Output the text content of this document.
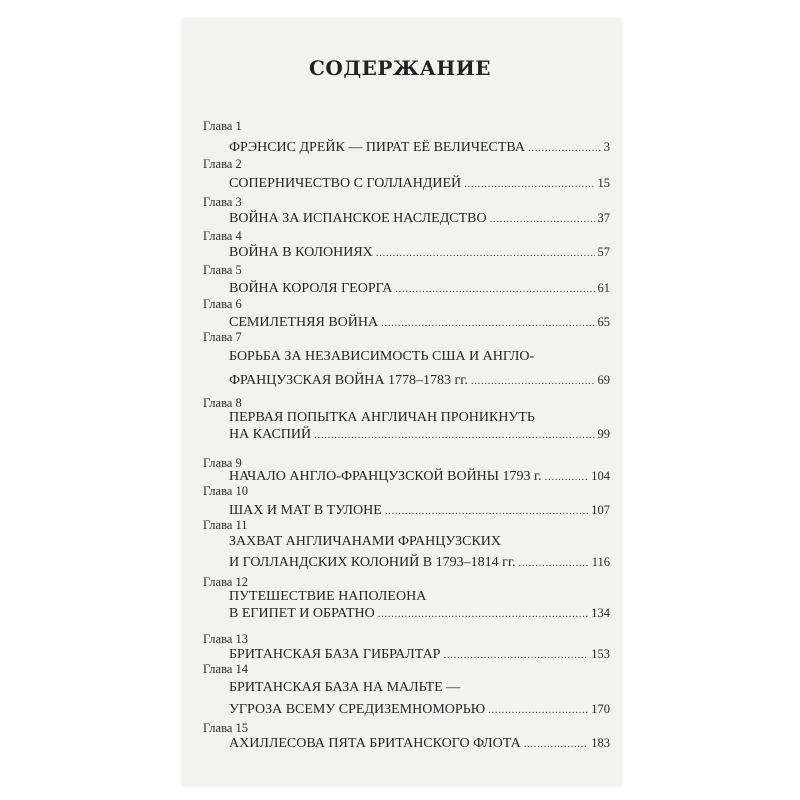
СОДЕРЖАНИЕ
Глава 1
ФРЭНСИС ДРЕЙК — ПИРАТ ЕЁ ВЕЛИЧЕСТВА .....	3
Глава 2
СОПЕРНИЧЕСТВО С ГОЛЛАНДИЕЙ .....	15
Глава 3
ВОЙНА ЗА ИСПАНСКОЕ НАСЛЕДСТВО .....	37
Глава 4
ВОЙНА В КОЛОНИЯХ .....	57
Глава 5
ВОЙНА КОРОЛЯ ГЕОРГА .....	61
Глава 6
СЕМИЛЕТНЯЯ ВОЙНА .....	65
Глава 7
БОРЬБА ЗА НЕЗАВИСИМОСТЬ США И АНГЛО-
ФРАНЦУЗСКАЯ ВОЙНА 1778–1783 гг. .....	69
Глава 8
ПЕРВАЯ ПОПЫТКА АНГЛИЧАН ПРОНИКНУТЬ
НА КАСПИЙ .....	99
Глава 9
НАЧАЛО АНГЛО-ФРАНЦУЗСКОЙ ВОЙНЫ 1793 г. .....	104
Глава 10
ШАХ И МАТ В ТУЛОНЕ .....	107
Глава 11
ЗАХВАТ АНГЛИЧАНАМИ ФРАНЦУЗСКИХ
И ГОЛЛАНДСКИХ КОЛОНИЙ В 1793–1814 гг. .....	116
Глава 12
ПУТЕШЕСТВИЕ НАПОЛЕОНА
В ЕГИПЕТ И ОБРАТНО .....	134
Глава 13
БРИТАНСКАЯ БАЗА ГИБРАЛТАР .....	153
Глава 14
БРИТАНСКАЯ БАЗА НА МАЛЬТЕ —
УГРОЗА ВСЕМУ СРЕДИЗЕМНОМОРЬЮ .....	170
Глава 15
АХИЛЛЕСОВА ПЯТА БРИТАНСКОГО ФЛОТА .....	183
